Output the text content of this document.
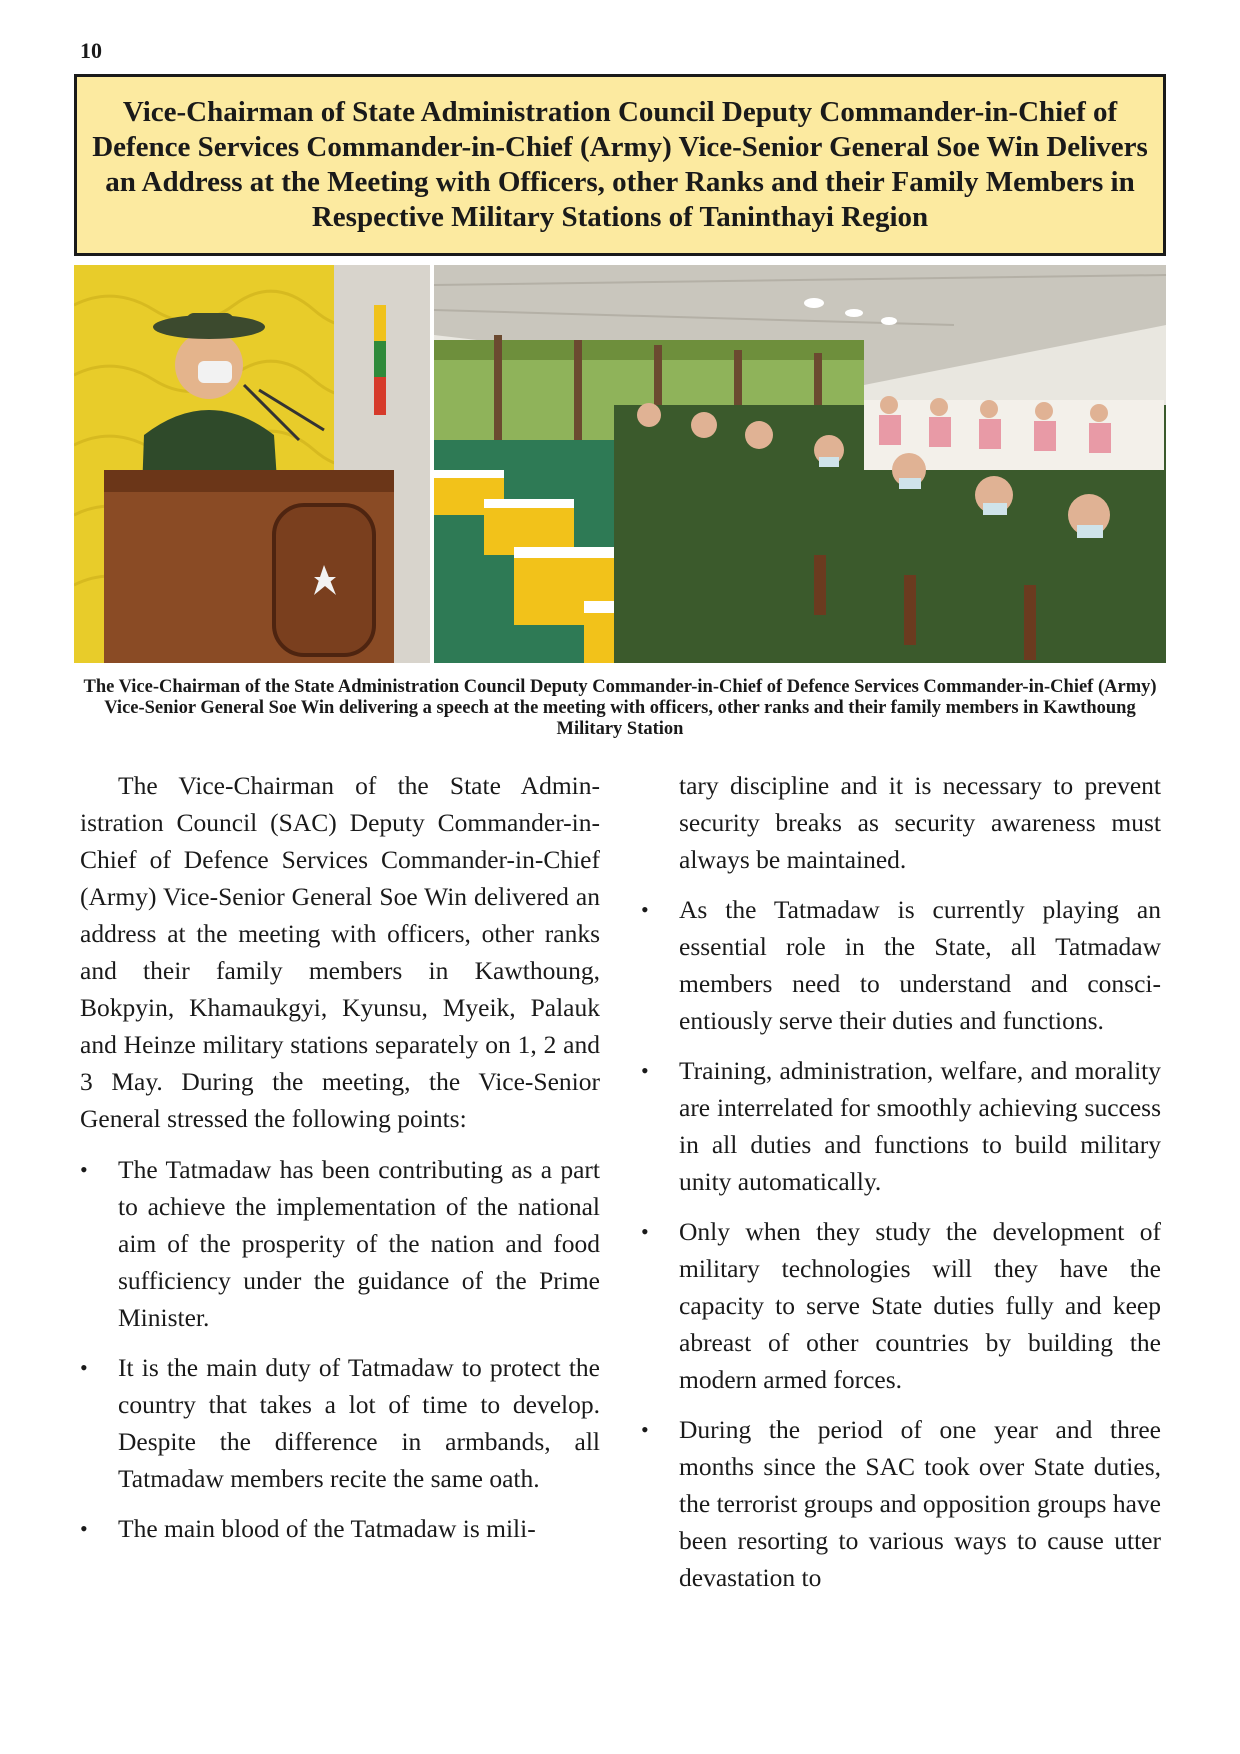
10
Vice-Chairman of State Administration Council Deputy Commander-in-Chief of Defence Services Commander-in-Chief (Army) Vice-Senior General Soe Win Delivers an Address at the Meeting with Officers, other Ranks and their Family Members in Respective Military Stations of Taninthayi Region

The Vice-Chairman of the State Administration Council Deputy Commander-in-Chief of Defence Services Commander-in-Chief (Army) Vice-Senior General Soe Win delivering a speech at the meeting with officers, other ranks and their family members in Kawthoung Military Station

The Vice-Chairman of the State Administration Council (SAC) Deputy Commander-in-Chief of Defence Services Commander-in-Chief (Army) Vice-Senior General Soe Win delivered an address at the meeting with officers, other ranks and their family members in Kawthoung, Bokpyin, Khamaukgyi, Kyunsu, Myeik, Palauk and Heinze military stations separately on 1, 2 and 3 May. During the meeting, the Vice-Senior General stressed the following points:

• The Tatmadaw has been contributing as a part to achieve the implementation of the national aim of the prosperity of the nation and food sufficiency under the guidance of the Prime Minister.
• It is the main duty of Tatmadaw to protect the country that takes a lot of time to develop. Despite the difference in armbands, all Tatmadaw members recite the same oath.
• The main blood of the Tatmadaw is mili-

tary discipline and it is necessary to prevent security breaks as security awareness must always be maintained.

• As the Tatmadaw is currently playing an essential role in the State, all Tatmadaw members need to understand and conscientiously serve their duties and functions.
• Training, administration, welfare, and morality are interrelated for smoothly achieving success in all duties and functions to build military unity automatically.
• Only when they study the development of military technologies will they have the capacity to serve State duties fully and keep abreast of other countries by building the modern armed forces.
• During the period of one year and three months since the SAC took over State duties, the terrorist groups and opposition groups have been resorting to various ways to cause utter devastation to
